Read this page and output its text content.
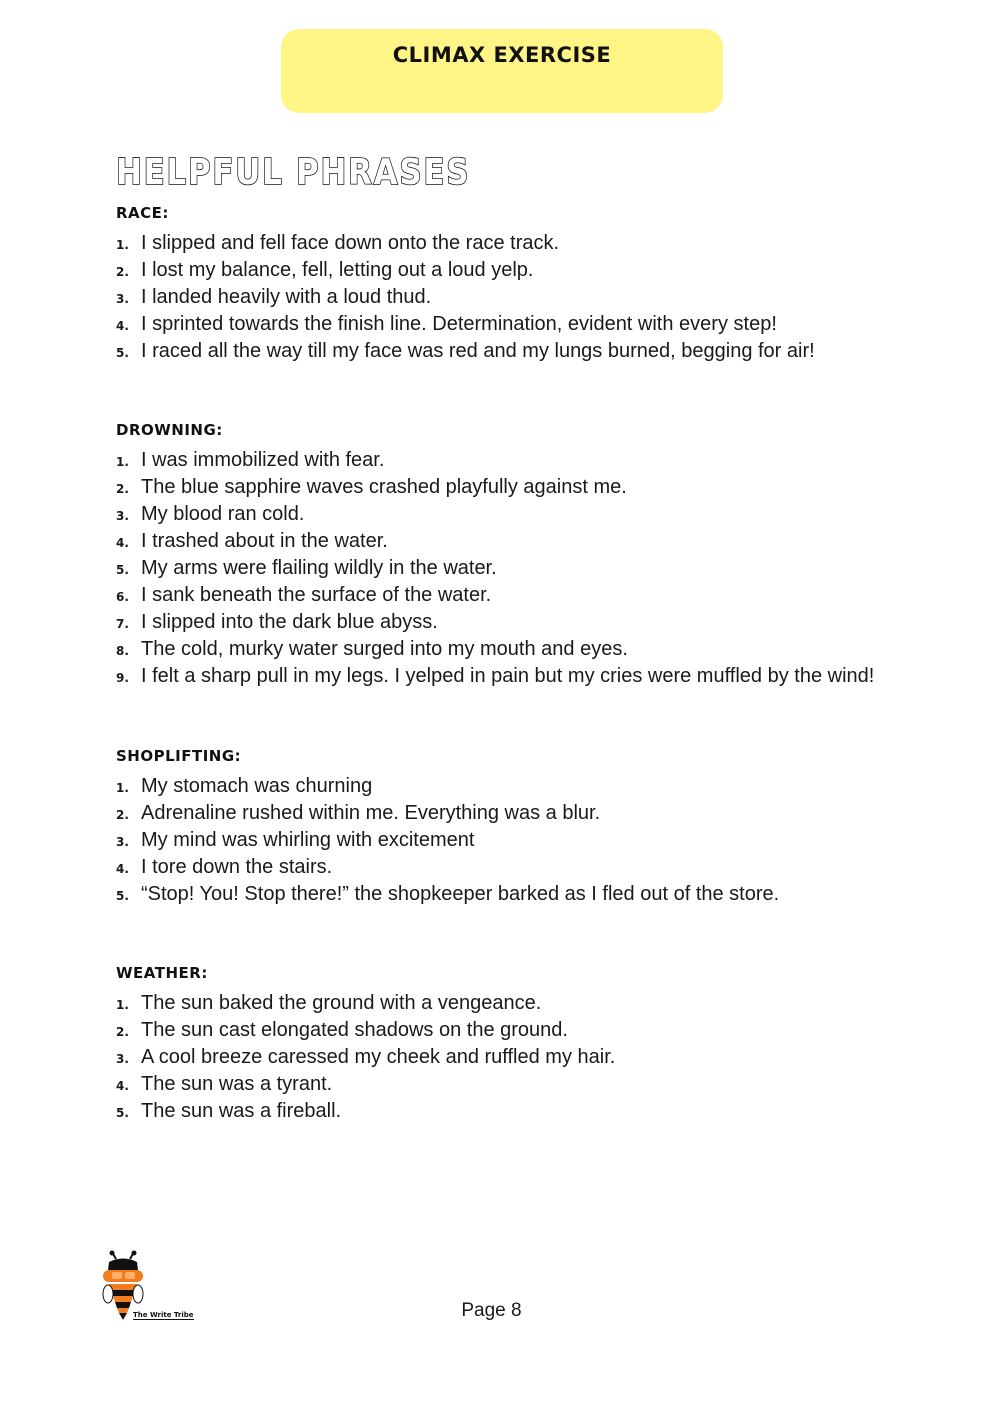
CLIMAX EXERCISE
HELPFUL PHRASES
RACE:
1. I slipped and fell face down onto the race track.
2. I lost my balance, fell, letting out a loud yelp.
3. I landed heavily with a loud thud.
4. I sprinted towards the finish line. Determination, evident with every step!
5. I raced all the way till my face was red and my lungs burned, begging for air!
DROWNING:
1. I was immobilized with fear.
2. The blue sapphire waves crashed playfully against me.
3. My blood ran cold.
4. I trashed about in the water.
5. My arms were flailing wildly in the water.
6. I sank beneath the surface of the water.
7. I slipped into the dark blue abyss.
8. The cold, murky water surged into my mouth and eyes.
9. I felt a sharp pull in my legs. I yelped in pain but my cries were muffled by the wind!
SHOPLIFTING:
1. My stomach was churning
2. Adrenaline rushed within me. Everything was a blur.
3. My mind was whirling with excitement
4. I tore down the stairs.
5. “Stop! You! Stop there!” the shopkeeper barked as I fled out of the store.
WEATHER:
1. The sun baked the ground with a vengeance.
2. The sun cast elongated shadows on the ground.
3. A cool breeze caressed my cheek and ruffled my hair.
4. The sun was a tyrant.
5. The sun was a fireball.
The Write Tribe	Page 8
